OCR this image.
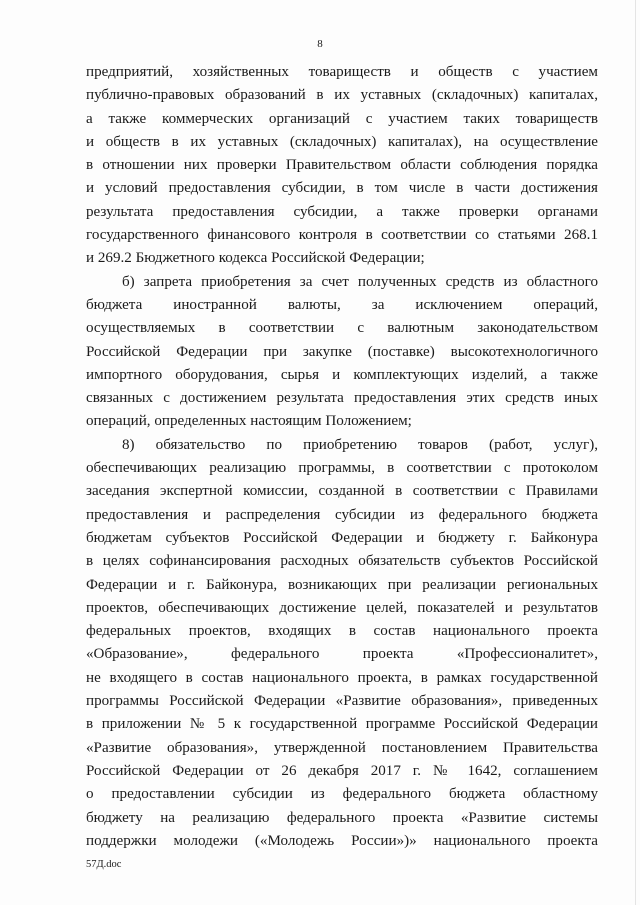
8
предприятий, хозяйственных товариществ и обществ с участием
публично-правовых образований в их уставных (складочных) капиталах,
а также коммерческих организаций с участием таких товариществ
и обществ в их уставных (складочных) капиталах), на осуществление
в отношении них проверки Правительством области соблюдения порядка
и условий предоставления субсидии, в том числе в части достижения
результата предоставления субсидии, а также проверки органами
государственного финансового контроля в соответствии со статьями 268.1
и 269.2 Бюджетного кодекса Российской Федерации;
б) запрета приобретения за счет полученных средств из областного
бюджета иностранной валюты, за исключением операций,
осуществляемых в соответствии с валютным законодательством
Российской Федерации при закупке (поставке) высокотехнологичного
импортного оборудования, сырья и комплектующих изделий, а также
связанных с достижением результата предоставления этих средств иных
операций, определенных настоящим Положением;
8) обязательство по приобретению товаров (работ, услуг),
обеспечивающих реализацию программы, в соответствии с протоколом
заседания экспертной комиссии, созданной в соответствии с Правилами
предоставления и распределения субсидии из федерального бюджета
бюджетам субъектов Российской Федерации и бюджету г. Байконура
в целях софинансирования расходных обязательств субъектов Российской
Федерации и г. Байконура, возникающих при реализации региональных
проектов, обеспечивающих достижение целей, показателей и результатов
федеральных проектов, входящих в состав национального проекта
«Образование», федерального проекта «Профессионалитет»,
не входящего в состав национального проекта, в рамках государственной
программы Российской Федерации «Развитие образования», приведенных
в приложении № 5 к государственной программе Российской Федерации
«Развитие образования», утвержденной постановлением Правительства
Российской Федерации от 26 декабря 2017 г. № 1642, соглашением
о предоставлении субсидии из федерального бюджета областному
бюджету на реализацию федерального проекта «Развитие системы
поддержки молодежи («Молодежь России»)» национального проекта
57Д.doc
